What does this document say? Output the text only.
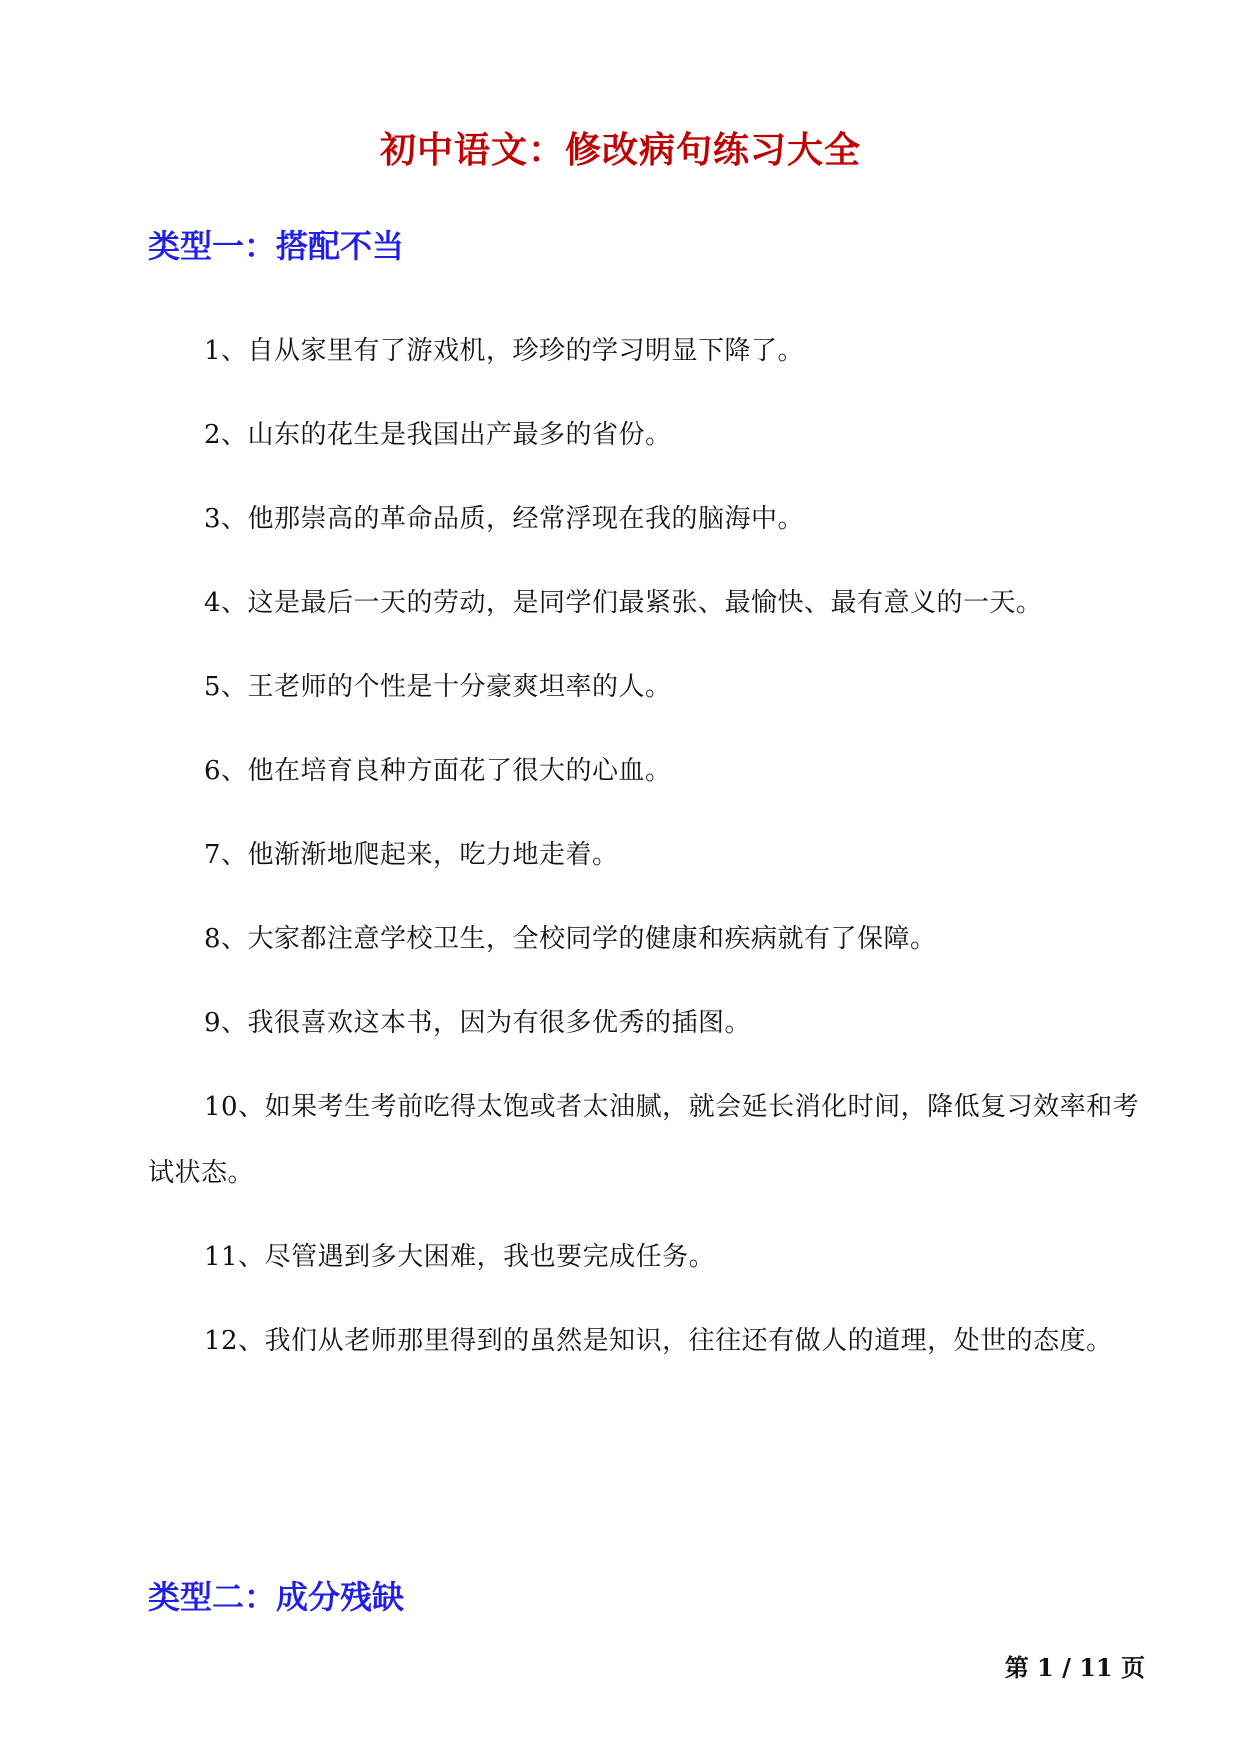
初中语文：修改病句练习大全
类型一：搭配不当
1、自从家里有了游戏机，珍珍的学习明显下降了。
2、山东的花生是我国出产最多的省份。
3、他那崇高的革命品质，经常浮现在我的脑海中。
4、这是最后一天的劳动，是同学们最紧张、最愉快、最有意义的一天。
5、王老师的个性是十分豪爽坦率的人。
6、他在培育良种方面花了很大的心血。
7、他渐渐地爬起来，吃力地走着。
8、大家都注意学校卫生，全校同学的健康和疾病就有了保障。
9、我很喜欢这本书，因为有很多优秀的插图。
10、如果考生考前吃得太饱或者太油腻，就会延长消化时间，降低复习效率和考试状态。
11、尽管遇到多大困难，我也要完成任务。
12、我们从老师那里得到的虽然是知识，往往还有做人的道理，处世的态度。
类型二：成分残缺
第 1 / 11 页
